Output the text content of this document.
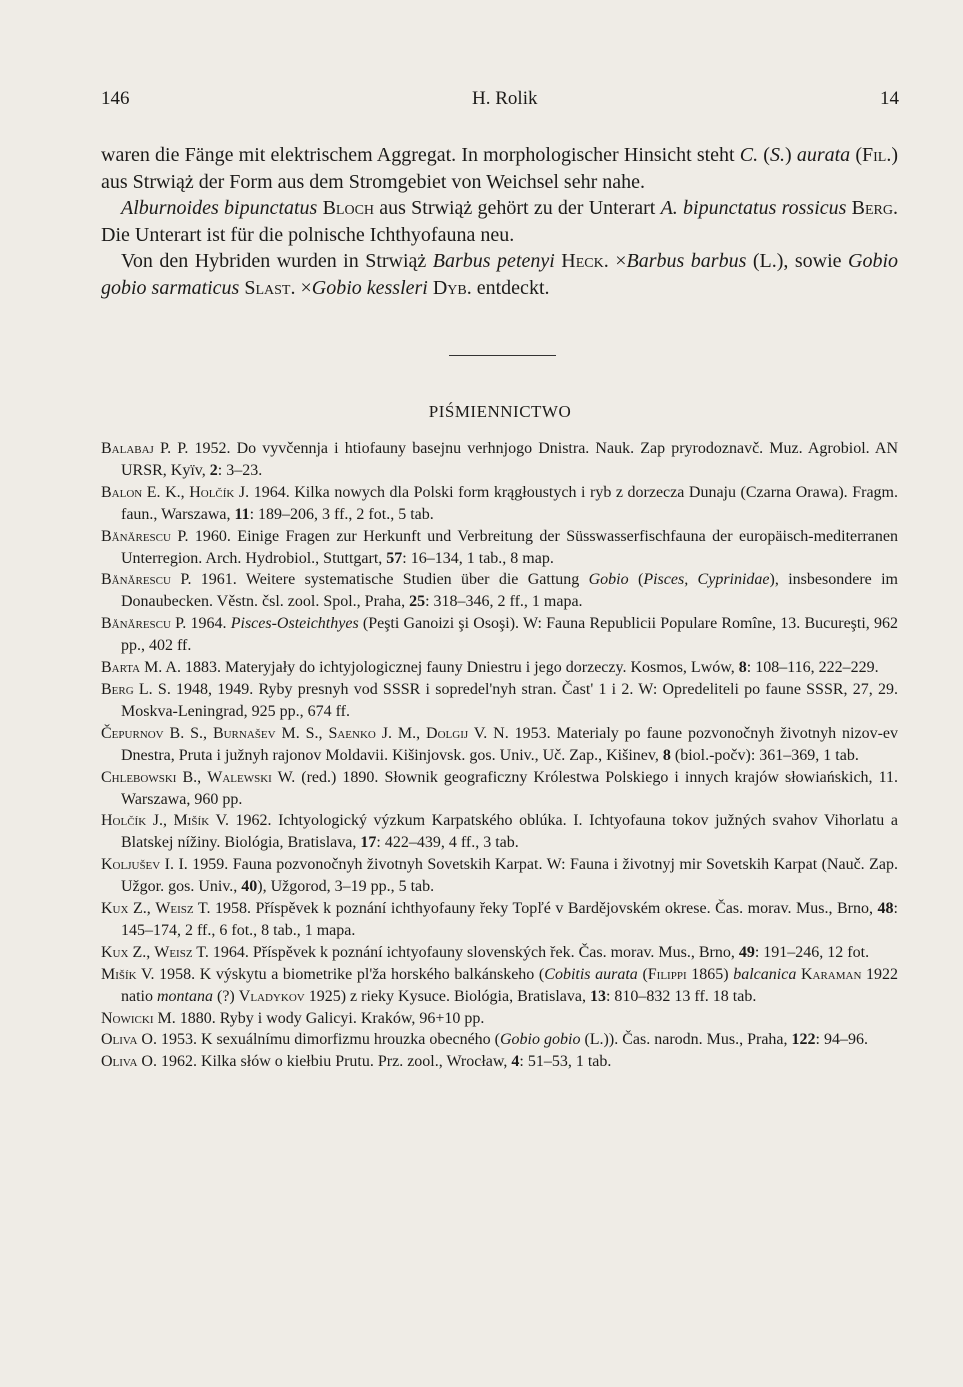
146	H. Rolik	14

waren die Fänge mit elektrischem Aggregat. In morphologischer Hinsicht steht C. (S.) aurata (Fil.) aus Strwiąż der Form aus dem Stromgebiet von Weichsel sehr nahe.

Alburnoides bipunctatus Bloch aus Strwiąż gehört zu der Unterart A. bipunctatus rossicus Berg. Die Unterart ist für die polnische Ichthyofauna neu.

Von den Hybriden wurden in Strwiąż Barbus petenyi Heck. ×Barbus barbus (L.), sowie Gobio gobio sarmaticus Slast. ×Gobio kessleri Dyb. entdeckt.

PIŚMIENNICTWO
Balabaj P. P. 1952. Do vyvčennja i htiofauny basejnu verhnjogo Dnistra. Nauk. Zap pryrodoznavč. Muz. Agrobiol. AN URSR, Kyïv, 2: 3–23.
Balon E. K., Holčík J. 1964. Kilka nowych dla Polski form krągłoustych i ryb z dorzecza Dunaju (Czarna Orawa). Fragm. faun., Warszawa, 11: 189–206, 3 ff., 2 fot., 5 tab.
Bănărescu P. 1960. Einige Fragen zur Herkunft und Verbreitung der Süsswasserfischfauna der europäisch-mediterranen Unterregion. Arch. Hydrobiol., Stuttgart, 57: 16–134, 1 tab., 8 map.
Bănărescu P. 1961. Weitere systematische Studien über die Gattung Gobio (Pisces, Cyprinidae), insbesondere im Donaubecken. Věstn. čsl. zool. Spol., Praha, 25: 318–346, 2 ff., 1 mapa.
Bănărescu P. 1964. Pisces-Osteichthyes (Peşti Ganoizi şi Osoşi). W: Fauna Republicii Populare Romîne, 13. Bucureşti, 962 pp., 402 ff.
Barta M. A. 1883. Materyjały do ichtyjologicznej fauny Dniestru i jego dorzeczy. Kosmos, Lwów, 8: 108–116, 222–229.
Berg L. S. 1948, 1949. Ryby presnyh vod SSSR i sopredel'nyh stran. Čast' 1 i 2. W: Opredeliteli po faune SSSR, 27, 29. Moskva-Leningrad, 925 pp., 674 ff.
Čepurnov B. S., Burnašev M. S., Saenko J. M., Dolgij V. N. 1953. Materialy po faune pozvonočnyh životnyh nizov-ev Dnestra, Pruta i južnyh rajonov Moldavii. Kišinjovsk. gos. Univ., Uč. Zap., Kišinev, 8 (biol.-počv): 361–369, 1 tab.
Chlebowski B., Walewski W. (red.) 1890. Słownik geograficzny Królestwa Polskiego i innych krajów słowiańskich, 11. Warszawa, 960 pp.
Holčík J., Mišík V. 1962. Ichtyologický výzkum Karpatského oblúka. I. Ichtyofauna tokov južných svahov Vihorlatu a Blatskej nížiny. Biológia, Bratislava, 17: 422–439, 4 ff., 3 tab.
Koljušev I. I. 1959. Fauna pozvonočnyh životnyh Sovetskih Karpat. W: Fauna i životnyj mir Sovetskih Karpat (Nauč. Zap. Užgor. gos. Univ., 40), Užgorod, 3–19 pp., 5 tab.
Kux Z., Weisz T. 1958. Příspěvek k poznání ichthyofauny řeky Topľé v Bardějovském okrese. Čas. morav. Mus., Brno, 48: 145–174, 2 ff., 6 fot., 8 tab., 1 mapa.
Kux Z., Weisz T. 1964. Příspěvek k poznání ichtyofauny slovenských řek. Čas. morav. Mus., Brno, 49: 191–246, 12 fot.
Mišík V. 1958. K výskytu a biometrike pl'ža horského balkánskeho (Cobitis aurata (Filippi 1865) balcanica Karaman 1922 natio montana (?) Vladykov 1925) z rieky Kysuce. Biológia, Bratislava, 13: 810–832 13 ff. 18 tab.
Nowicki M. 1880. Ryby i wody Galicyi. Kraków, 96+10 pp.
Oliva O. 1953. K sexuálnímu dimorfizmu hrouzka obecného (Gobio gobio (L.)). Čas. narodn. Mus., Praha, 122: 94–96.
Oliva O. 1962. Kilka słów o kiełbiu Prutu. Prz. zool., Wrocław, 4: 51–53, 1 tab.
